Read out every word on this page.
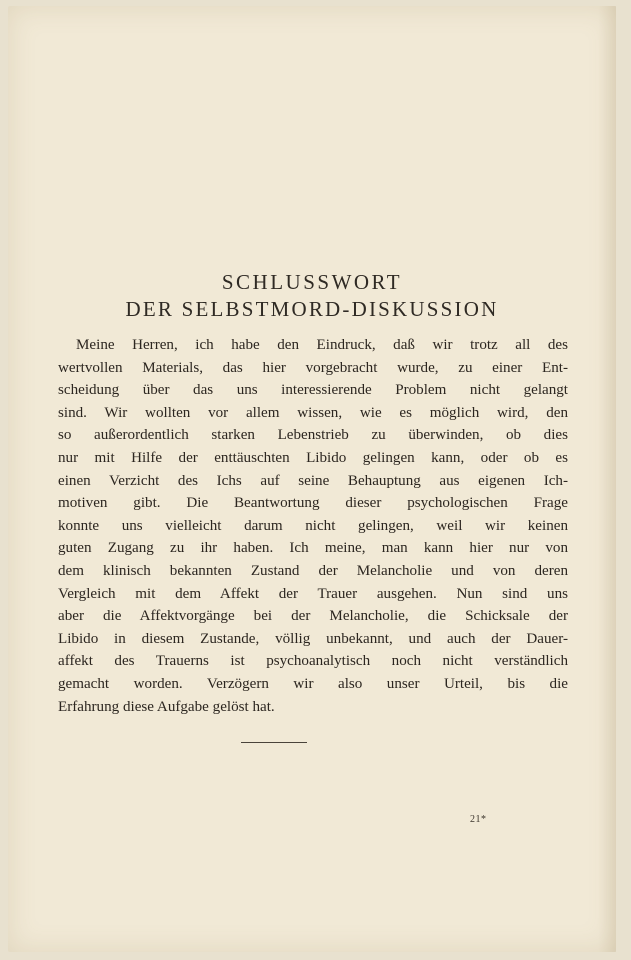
SCHLUSSWORT
DER SELBSTMORD-DISKUSSION
Meine Herren, ich habe den Eindruck, daß wir trotz all des
wertvollen Materials, das hier vorgebracht wurde, zu einer Ent-
scheidung über das uns interessierende Problem nicht gelangt
sind. Wir wollten vor allem wissen, wie es möglich wird, den
so außerordentlich starken Lebenstrieb zu überwinden, ob dies
nur mit Hilfe der enttäuschten Libido gelingen kann, oder ob es
einen Verzicht des Ichs auf seine Behauptung aus eigenen Ich-
motiven gibt. Die Beantwortung dieser psychologischen Frage
konnte uns vielleicht darum nicht gelingen, weil wir keinen
guten Zugang zu ihr haben. Ich meine, man kann hier nur von
dem klinisch bekannten Zustand der Melancholie und von deren
Vergleich mit dem Affekt der Trauer ausgehen. Nun sind uns
aber die Affektvorgänge bei der Melancholie, die Schicksale der
Libido in diesem Zustande, völlig unbekannt, und auch der Dauer-
affekt des Trauerns ist psychoanalytisch noch nicht verständlich
gemacht worden. Verzögern wir also unser Urteil, bis die
Erfahrung diese Aufgabe gelöst hat.
21*
